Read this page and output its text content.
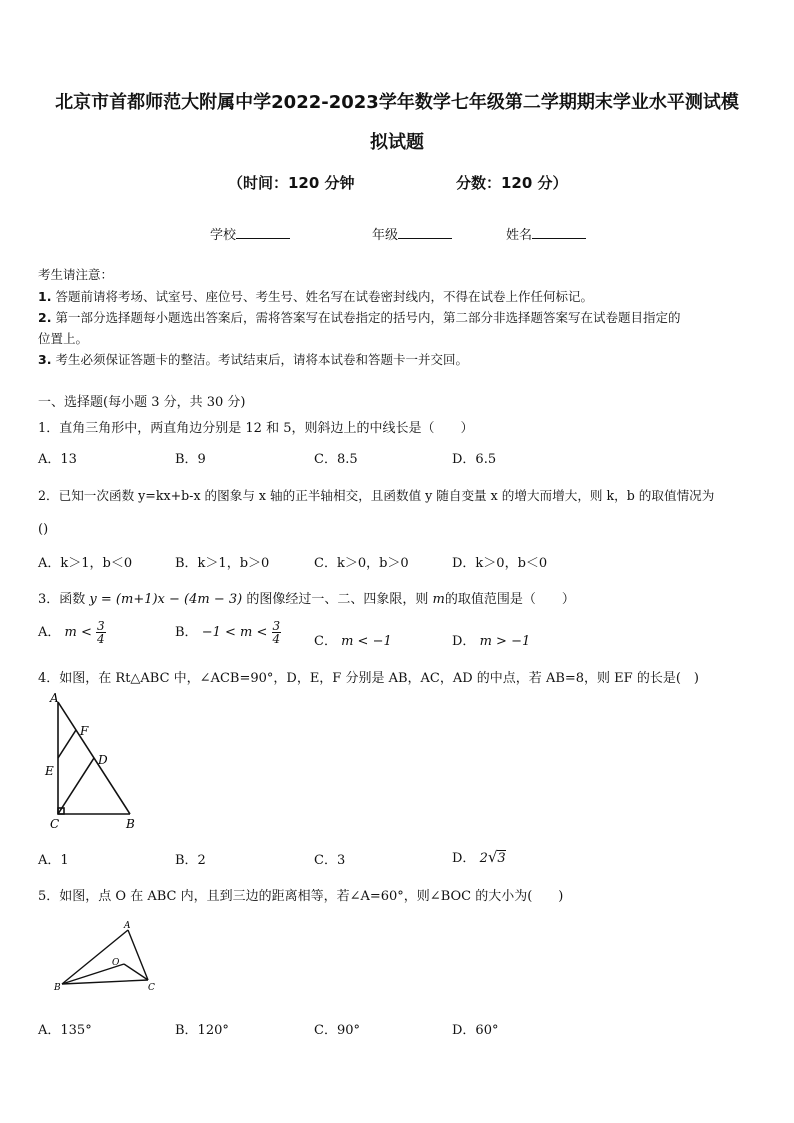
北京市首都师范大附属中学2022-2023学年数学七年级第二学期期末学业水平测试模
拟试题
（时间：120 分钟	分数：120 分）
学校	年级	姓名
考生请注意：
1. 答题前请将考场、试室号、座位号、考生号、姓名写在试卷密封线内，不得在试卷上作任何标记。
2. 第一部分选择题每小题选出答案后，需将答案写在试卷指定的括号内，第二部分非选择题答案写在试卷题目指定的
位置上。
3. 考生必须保证答题卡的整洁。考试结束后，请将本试卷和答题卡一并交回。
一、选择题(每小题 3 分，共 30 分)
1．直角三角形中，两直角边分别是 12 和 5，则斜边上的中线长是（　　）
A．13	B．9	C．8.5	D．6.5
2．已知一次函数 y=kx+b-x 的图象与 x 轴的正半轴相交，且函数值 y 随自变量 x 的增大而增大，则 k，b 的取值情况为
()
A．k＞1，b＜0	B．k＞1，b＞0	C．k＞0，b＞0	D．k＞0，b＜0
3．函数 y = (m+1)x − (4m − 3) 的图像经过一、二、四象限，则 m的取值范围是（　　）
A． $m < \frac{3}{4}$	B． $-1 < m < \frac{3}{4}$	C． m < −1	D． m > −1
4．如图，在 Rt△ABC 中，∠ACB=90°，D，E，F 分别是 AB，AC，AD 的中点，若 AB=8，则 EF 的长是(　)
A
F
D
E
C	B
A．1	B．2	C．3	D． 2√3
5．如图，点 O 在 ABC 内，且到三边的距离相等，若∠A=60°，则∠BOC 的大小为(　　)
A
O
B	C
A．135°	B．120°	C．90°	D．60°
